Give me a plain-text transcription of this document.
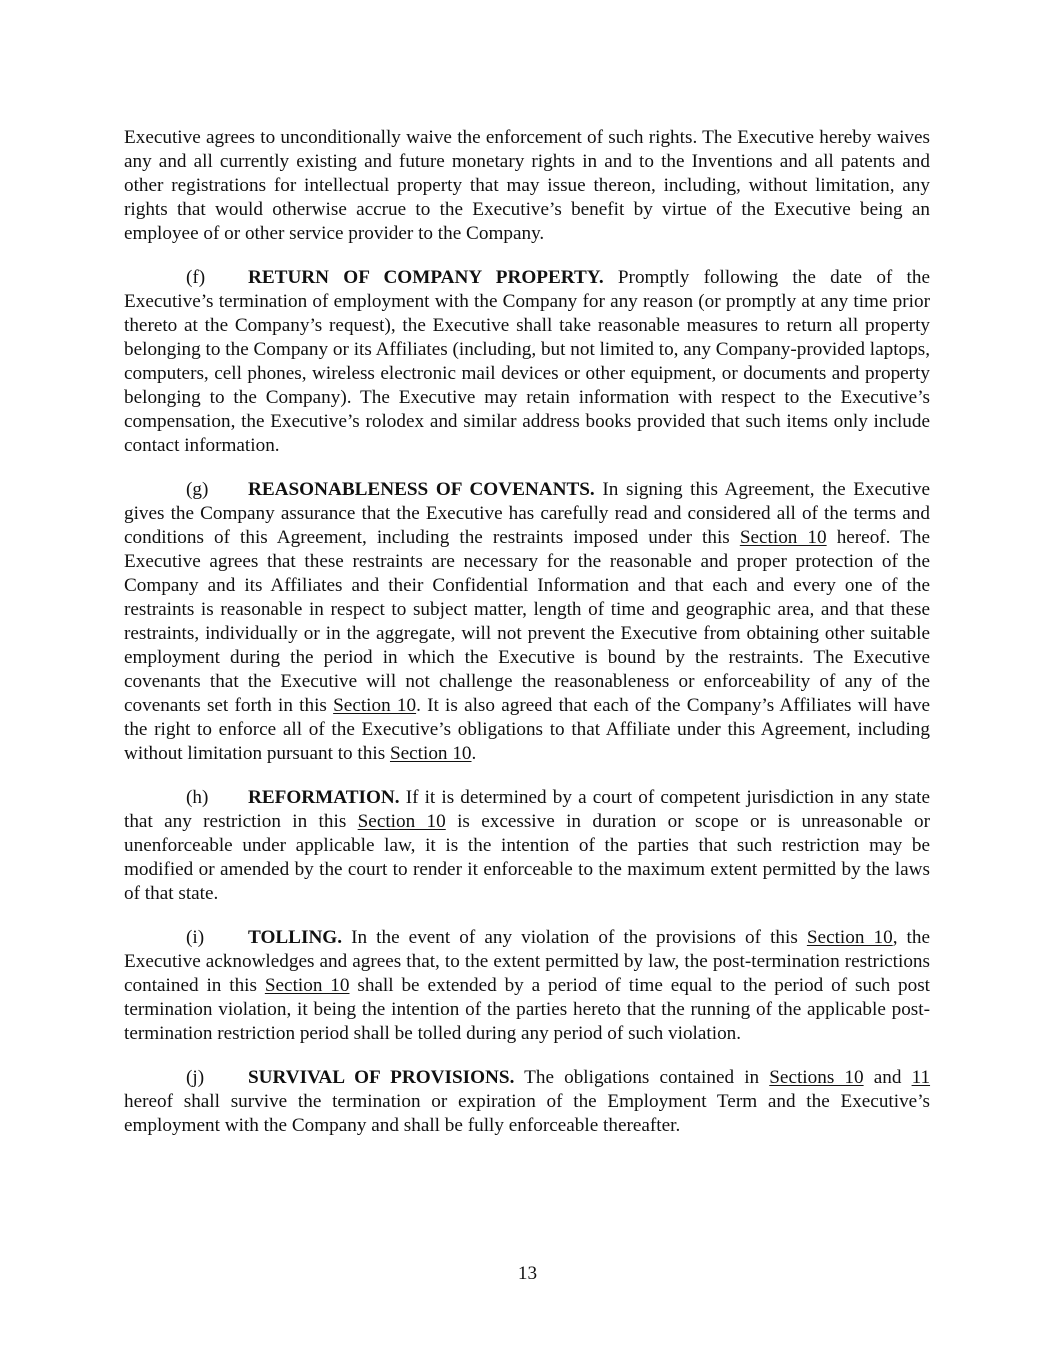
Executive agrees to unconditionally waive the enforcement of such rights. The Executive hereby waives any and all currently existing and future monetary rights in and to the Inventions and all patents and other registrations for intellectual property that may issue thereon, including, without limitation, any rights that would otherwise accrue to the Executive’s benefit by virtue of the Executive being an employee of or other service provider to the Company.

(f) RETURN OF COMPANY PROPERTY. Promptly following the date of the Executive’s termination of employment with the Company for any reason (or promptly at any time prior thereto at the Company’s request), the Executive shall take reasonable measures to return all property belonging to the Company or its Affiliates (including, but not limited to, any Company-provided laptops, computers, cell phones, wireless electronic mail devices or other equipment, or documents and property belonging to the Company). The Executive may retain information with respect to the Executive’s compensation, the Executive’s rolodex and similar address books provided that such items only include contact information.

(g) REASONABLENESS OF COVENANTS. In signing this Agreement, the Executive gives the Company assurance that the Executive has carefully read and considered all of the terms and conditions of this Agreement, including the restraints imposed under this Section 10 hereof. The Executive agrees that these restraints are necessary for the reasonable and proper protection of the Company and its Affiliates and their Confidential Information and that each and every one of the restraints is reasonable in respect to subject matter, length of time and geographic area, and that these restraints, individually or in the aggregate, will not prevent the Executive from obtaining other suitable employment during the period in which the Executive is bound by the restraints. The Executive covenants that the Executive will not challenge the reasonableness or enforceability of any of the covenants set forth in this Section 10. It is also agreed that each of the Company’s Affiliates will have the right to enforce all of the Executive’s obligations to that Affiliate under this Agreement, including without limitation pursuant to this Section 10.

(h) REFORMATION. If it is determined by a court of competent jurisdiction in any state that any restriction in this Section 10 is excessive in duration or scope or is unreasonable or unenforceable under applicable law, it is the intention of the parties that such restriction may be modified or amended by the court to render it enforceable to the maximum extent permitted by the laws of that state.

(i) TOLLING. In the event of any violation of the provisions of this Section 10, the Executive acknowledges and agrees that, to the extent permitted by law, the post-termination restrictions contained in this Section 10 shall be extended by a period of time equal to the period of such post termination violation, it being the intention of the parties hereto that the running of the applicable post-termination restriction period shall be tolled during any period of such violation.

(j) SURVIVAL OF PROVISIONS. The obligations contained in Sections 10 and 11 hereof shall survive the termination or expiration of the Employment Term and the Executive’s employment with the Company and shall be fully enforceable thereafter.

13
